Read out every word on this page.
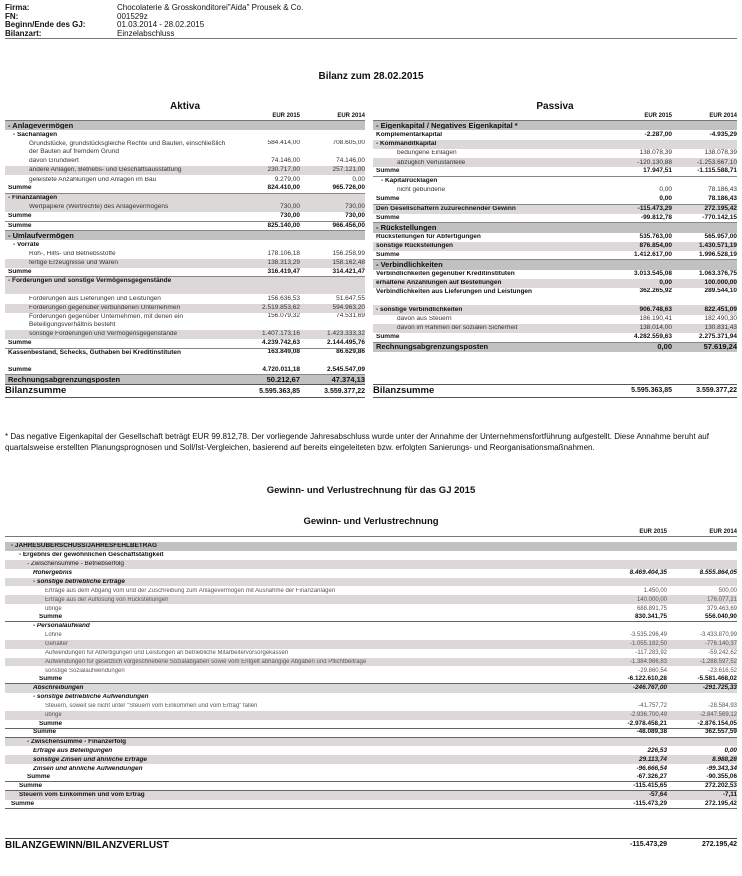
Firma:	Chocolaterie & Grosskonditorei"Aida" Prousek & Co.
FN:	001529z
Beginn/Ende des GJ:	01.03.2014 - 28.02.2015
Bilanzart:	Einzelabschluss
Bilanz zum 28.02.2015
Aktiva
EUR 2015	EUR 2014
- Anlagevermögen
- Sachanlagen
Grundstücke, grundstücksgleiche Rechte und Bauten, einschließlich der Bauten auf fremdem Grund
584.414,00	708.605,00
davon Grundwert	74.146,00	74.146,00
andere Anlagen, Betriebs- und Geschäftsausstattung	230.717,00	257.121,00
geleistete Anzahlungen und Anlagen im Bau	9.279,00	0,00
Summe	824.410,00	965.726,00
- Finanzanlagen
Wertpapiere (Wertrechte) des Anlagevermögens	730,00	730,00
Summe	730,00	730,00
Summe	825.140,00	966.456,00
- Umlaufvermögen
- Vorräte
Roh-, Hilfs- und Betriebsstoffe	178.106,18	156.258,99
fertige Erzeugnisse und Waren	138.313,29	158.162,48
Summe	316.419,47	314.421,47
- Forderungen und sonstige Vermögensgegenstände
Forderungen aus Lieferungen und Leistungen	156.636,53	51.647,55
Forderungen gegenüber verbundenen Unternehmen	2.519.853,62	594.963,20
Forderungen gegenüber Unternehmen, mit denen ein Beteiligungsverhältnis besteht
156.079,32	74.531,69
sonstige Forderungen und Vermögensgegenstände	1.407.173,16	1.423.333,32
Summe	4.239.742,63	2.144.495,76
Kassenbestand, Schecks, Guthaben bei Kreditinstituten	163.849,08	86.629,86
Summe	4.720.011,18	2.545.547,09
Rechnungsabgrenzungsposten	50.212,67	47.374,13
Bilanzsumme	5.595.363,85	3.559.377,22
Passiva
EUR 2015	EUR 2014
- Eigenkapital / Negatives Eigenkapital *
Komplementärkapital	-2.287,00	-4.935,29
- Kommanditkapital
bedungene Einlagen	138.078,39	138.078,39
abzüglich Verlustanteile	-120.130,88	-1.253.667,10
Summe	17.947,51	-1.115.588,71
- Kapitalrücklagen
nicht gebundene	0,00	78.186,43
Summe	0,00	78.186,43
Den Gesellschaftern zuzurechnender Gewinn	-115.473,29	272.195,42
Summe	-99.812,78	-770.142,15
- Rückstellungen
Rückstellungen für Abfertigungen	535.763,00	565.957,00
sonstige Rückstellungen	876.854,00	1.430.571,19
Summe	1.412.617,00	1.996.528,19
- Verbindlichkeiten
Verbindlichkeiten gegenüber Kreditinstituten	3.013.545,08	1.063.376,75
erhaltene Anzahlungen auf Bestellungen	0,00	100.000,00
Verbindlichkeiten aus Lieferungen und Leistungen	362.265,92	289.544,10
- sonstige Verbindlichkeiten	906.748,63	822.451,09
davon aus Steuern	186.190,41	182.490,30
davon im Rahmen der sozialen Sicherheit	138.014,00	130.831,43
Summe	4.282.559,63	2.275.371,94
Rechnungsabgrenzungsposten	0,00	57.619,24
Bilanzsumme	5.595.363,85	3.559.377,22
* Das negative Eigenkapital der Gesellschaft beträgt EUR 99.812,78. Der vorliegende Jahresabschluss wurde unter der Annahme der Unternehmensfortführung aufgestellt. Diese Annahme beruht auf quartalsweise erstellten Planungsprognosen und Soll/Ist-Vergleichen, basierend auf bereits eingeleiteten bzw. erfolgten Sanierungs- und Reorganisationsmaßnahmen.
Gewinn- und Verlustrechnung für das GJ 2015
Gewinn- und Verlustrechnung
EUR 2015	EUR 2014
- JAHRESÜBERSCHUSS/JAHRESFEHLBETRAG
- Ergebnis der gewöhnlichen Geschäftstätigkeit
- Zwischensumme - Betriebserfolg
Rohergebnis	8.469.404,35	8.555.864,05
- sonstige betriebliche Erträge
Erträge aus dem Abgang vom und der Zuschreibung zum Anlagevermögen mit Ausnahme der Finanzanlagen	1.450,00	500,00
Erträge aus der Auflösung von Rückstellungen	140.000,00	176.077,21
übrige	688.891,75	379.463,69
Summe	830.341,75	556.040,90
- Personalaufwand
Löhne	-3.535.296,49	-3.433.870,99
Gehälter	-1.055.182,50	-776.140,37
Aufwendungen für Abfertigungen und Leistungen an betriebliche Mitarbeitervorsorgekassen	-117.283,92	-59.242,62
Aufwendungen für gesetzlich vorgeschriebene Sozialabgaben sowie vom Entgelt abhängige Abgaben und Pflichtbeiträge	-1.384.986,83	-1.288.597,52
sonstige Sozialaufwendungen	-29.860,54	-23.616,52
Summe	-6.122.610,28	-5.581.468,02
Abschreibungen	-246.767,00	-291.725,33
- sonstige betriebliche Aufwendungen
Steuern, soweit sie nicht unter "Steuern vom Einkommen und vom Ertrag" fallen	-41.757,72	-28.584,93
übrige	-2.936.700,49	-2.847.569,12
Summe	-2.978.458,21	-2.876.154,05
Summe	-48.089,38	362.557,59
- Zwischensumme - Finanzerfolg
Erträge aus Beteiligungen	226,53	0,00
sonstige Zinsen und ähnliche Erträge	29.113,74	8.988,28
Zinsen und ähnliche Aufwendungen	-96.666,54	-99.343,34
Summe	-67.326,27	-90.355,06
Summe	-115.415,65	272.202,53
Steuern vom Einkommen und vom Ertrag	-57,64	-7,11
Summe	-115.473,29	272.195,42
BILANZGEWINN/BILANZVERLUST	-115.473,29	272.195,42
